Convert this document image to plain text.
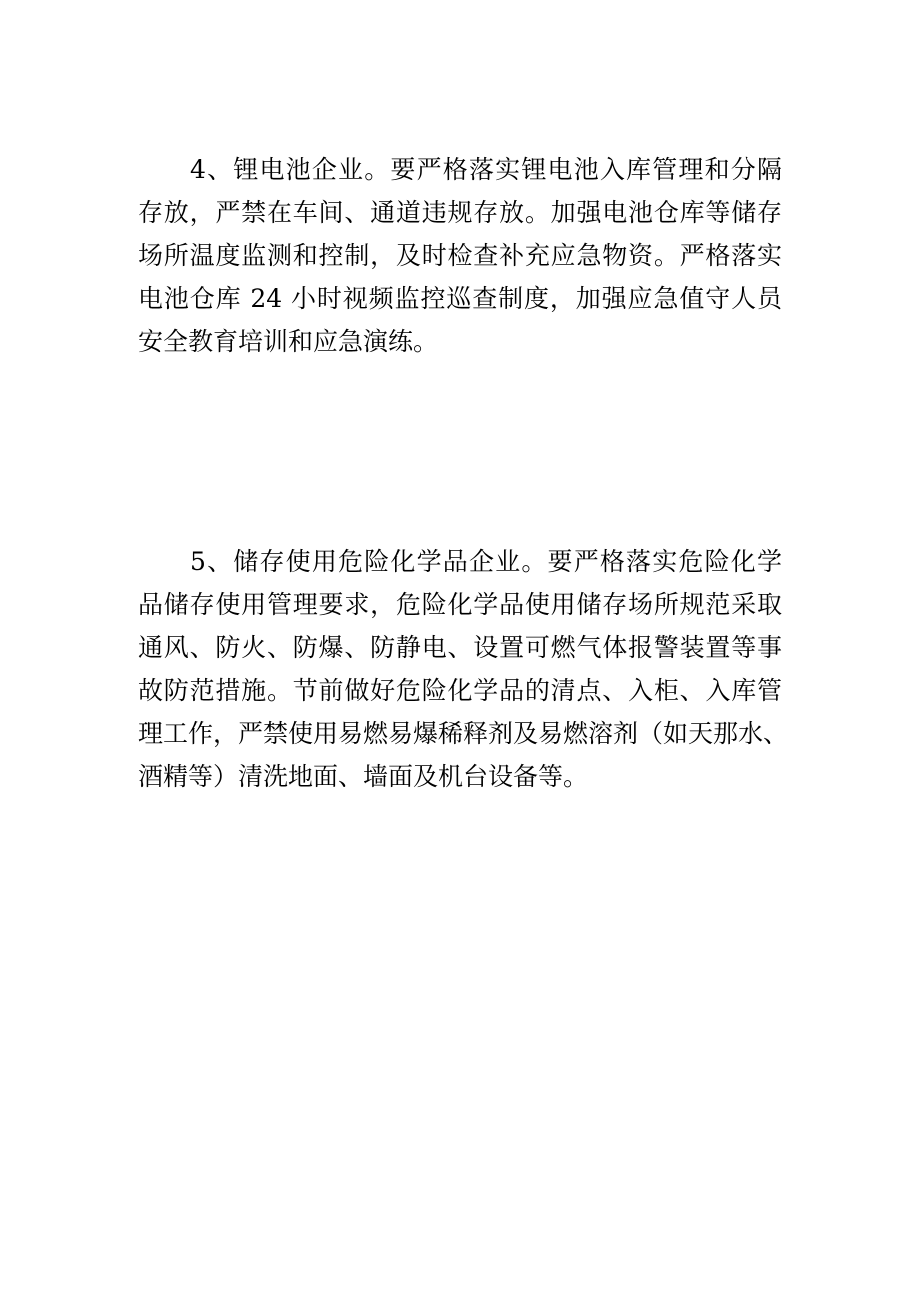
4、锂电池企业。要严格落实锂电池入库管理和分隔
存放，严禁在车间、通道违规存放。加强电池仓库等储存
场所温度监测和控制，及时检查补充应急物资。严格落实
电池仓库 24 小时视频监控巡查制度，加强应急值守人员
安全教育培训和应急演练。
5、储存使用危险化学品企业。要严格落实危险化学
品储存使用管理要求，危险化学品使用储存场所规范采取
通风、防火、防爆、防静电、设置可燃气体报警装置等事
故防范措施。节前做好危险化学品的清点、入柜、入库管
理工作，严禁使用易燃易爆稀释剂及易燃溶剂（如天那水、
酒精等）清洗地面、墙面及机台设备等。
